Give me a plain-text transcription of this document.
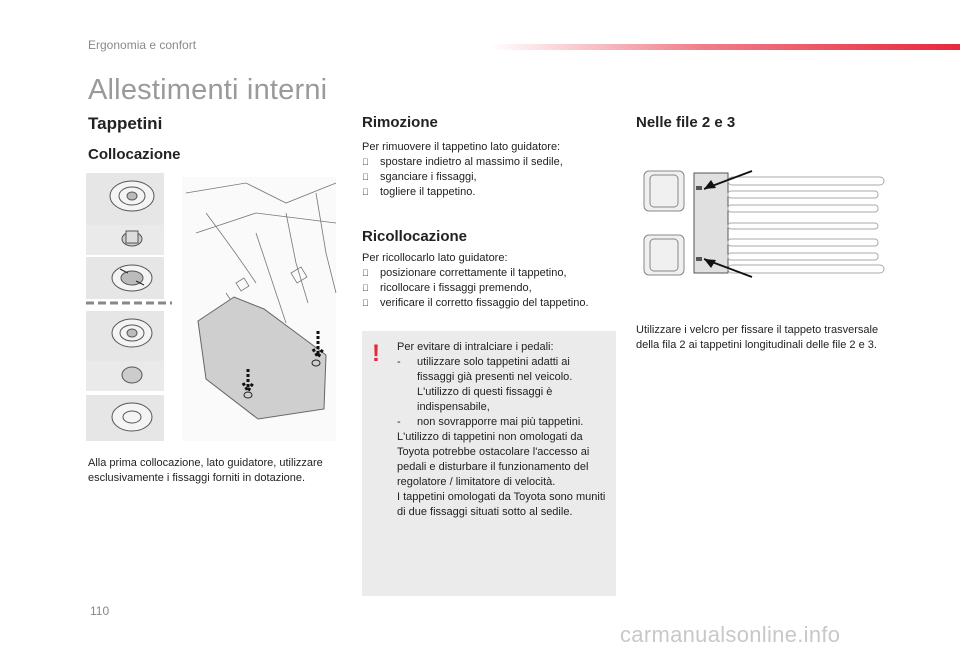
Ergonomia e confort
Allestimenti interni
Tappetini
Collocazione
Alla prima collocazione, lato guidatore, utilizzare esclusivamente i fissaggi forniti in dotazione.
Rimozione
Per rimuovere il tappetino lato guidatore:
spostare indietro al massimo il sedile,
sganciare i fissaggi,
togliere il tappetino.
Ricollocazione
Per ricollocarlo lato guidatore:
posizionare correttamente il tappetino,
ricollocare i fissaggi premendo,
verificare il corretto fissaggio del tappetino.
! Per evitare di intralciare i pedali:
-	utilizzare solo tappetini adatti ai fissaggi già presenti nel veicolo. L'utilizzo di questi fissaggi è indispensabile,
-	non sovrapporre mai più tappetini.
L'utilizzo di tappetini non omologati da Toyota potrebbe ostacolare l'accesso ai pedali e disturbare il funzionamento del regolatore / limitatore di velocità.
I tappetini omologati da Toyota sono muniti di due fissaggi situati sotto al sedile.
Nelle file 2 e 3
Utilizzare i velcro per fissare il tappeto trasversale della fila 2 ai tappetini longitudinali delle file 2 e 3.
110
carmanualsonline.info
